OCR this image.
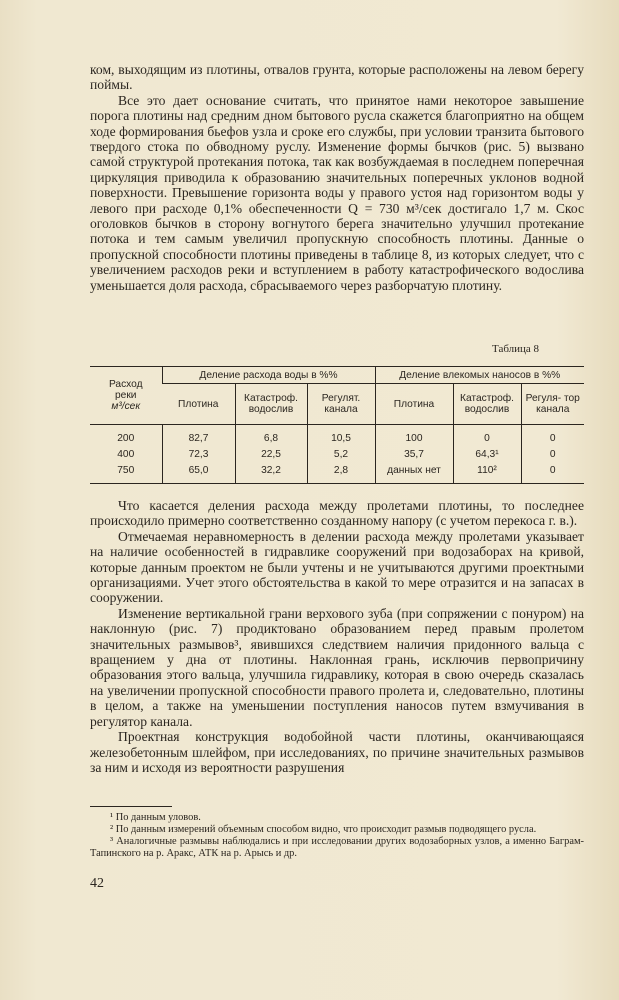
ком, выходящим из плотины, отвалов грунта, которые расположены на левом берегу поймы.

Все это дает основание считать, что принятое нами некоторое завышение порога плотины над средним дном бытового русла скажется благоприятно на общем ходе формирования бьефов узла и сроке его службы, при условии транзита бытового твердого стока по обводному руслу. Изменение формы бычков (рис. 5) вызвано самой структурой протекания потока, так как возбуждаемая в последнем поперечная циркуляция приводила к образованию значительных поперечных уклонов водной поверхности. Превышение горизонта воды у правого устоя над горизонтом воды у левого при расходе 0,1% обеспеченности Q = 730 м³/сек достигало 1,7 м. Скос оголовков бычков в сторону вогнутого берега значительно улучшил протекание потока и тем самым увеличил пропускную способность плотины. Данные о пропускной способности плотины приведены в таблице 8, из которых следует, что с увеличением расходов реки и вступлением в работу катастрофического водослива уменьшается доля расхода, сбрасываемого через разборчатую плотину.

Таблица 8
Расход
реки
м³/сек	Деление расхода воды в %%			Деление влекомых наносов в %%		
	Плотина	Катастроф. водослив	Регулят. канала	Плотина	Катастроф. водослив	Регуля- тор канала
200	82,7	6,8	10,5	100	0	0
400	72,3	22,5	5,2	35,7	64,3¹	0
750	65,0	32,2	2,8	данных нет	110²	0

Что касается деления расхода между пролетами плотины, то последнее происходило примерно соответственно созданному напору (с учетом перекоса г. в.).

Отмечаемая неравномерность в делении расхода между пролетами указывает на наличие особенностей в гидравлике сооружений при водозаборах на кривой, которые данным проектом не были учтены и не учитываются другими проектными организациями. Учет этого обстоятельства в какой то мере отразится и на запасах в сооружении.

Изменение вертикальной грани верхового зуба (при сопряжении с понуром) на наклонную (рис. 7) продиктовано образованием перед правым пролетом значительных размывов³, явившихся следствием наличия придонного вальца с вращением у дна от плотины. Наклонная грань, исключив первопричину образования этого вальца, улучшила гидравлику, которая в свою очередь сказалась на увеличении пропускной способности правого пролета и, следовательно, плотины в целом, а также на уменьшении поступления наносов путем взмучивания в регулятор канала.

Проектная конструкция водобойной части плотины, оканчивающаяся железобетонным шлейфом, при исследованиях, по причине значительных размывов за ним и исходя из вероятности разрушения

¹ По данным уловов.

² По данным измерений объемным способом видно, что происходит размыв подводящего русла.

³ Аналогичные размывы наблюдались и при исследовании других водозаборных узлов, а именно Баграм-Тапинского на р. Аракс, АТК на р. Арысь и др.

42
